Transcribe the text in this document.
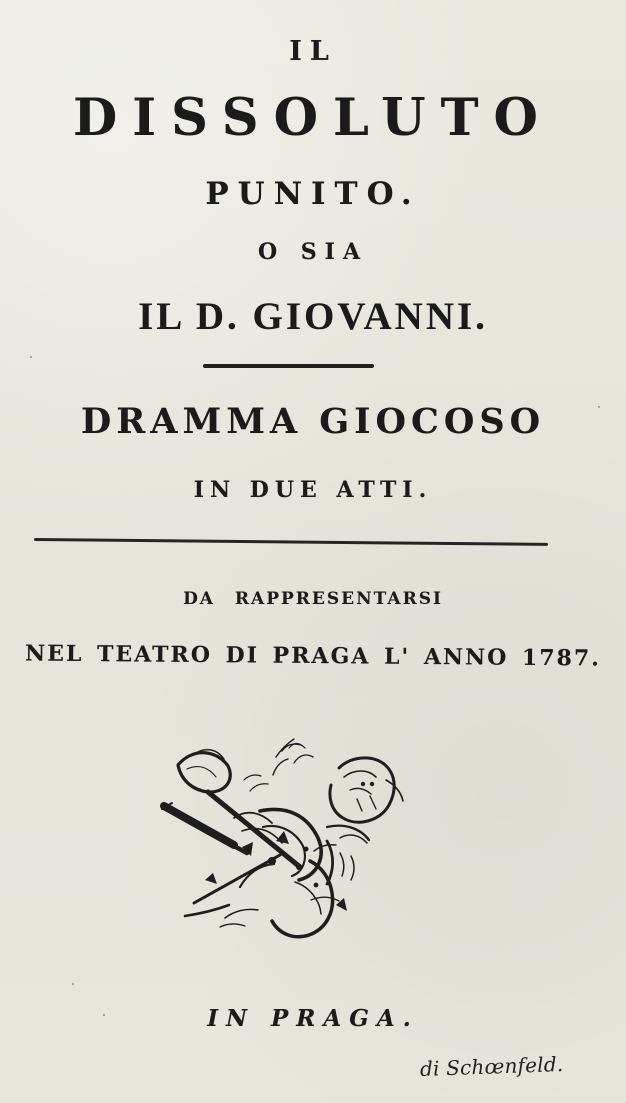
IL
DISSOLUTO
PUNITO.
O SIA
IL D. GIOVANNI.
DRAMMA GIOCOSO
IN DUE ATTI.
DA RAPPRESENTARSI
NEL TEATRO DI PRAGA L' ANNO 1787.
IN PRAGA.
di Schœnfeld.
